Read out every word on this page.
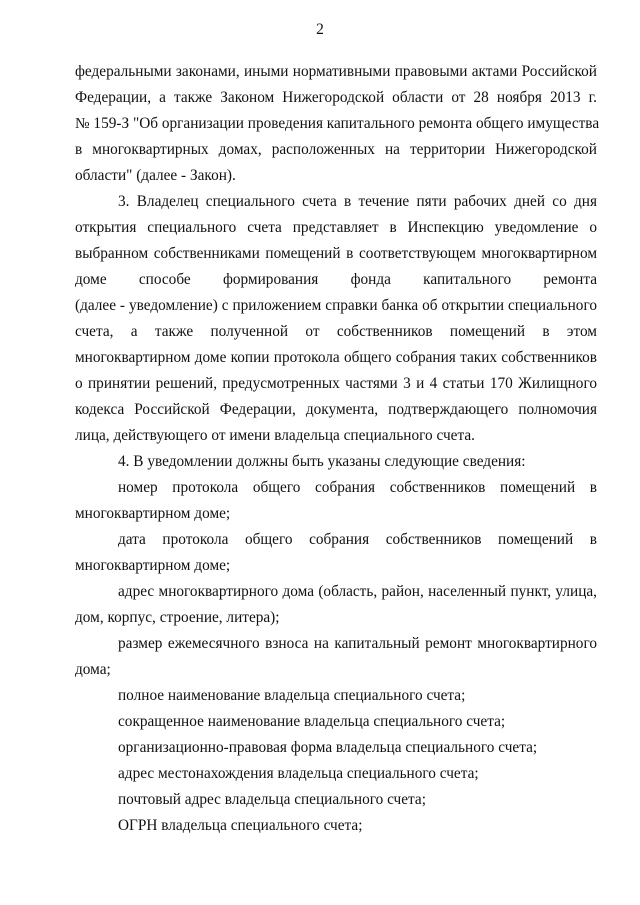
2
федеральными законами, иными нормативными правовыми актами Российской
Федерации, а также Законом Нижегородской области от 28 ноября 2013 г.
№ 159-З "Об организации проведения капитального ремонта общего имущества
в многоквартирных домах, расположенных на территории Нижегородской
области" (далее - Закон).
3. Владелец специального счета в течение пяти рабочих дней со дня
открытия специального счета представляет в Инспекцию уведомление о
выбранном собственниками помещений в соответствующем многоквартирном
доме способе формирования фонда капитального ремонта
(далее - уведомление) с приложением справки банка об открытии специального
счета, а также полученной от собственников помещений в этом
многоквартирном доме копии протокола общего собрания таких собственников
о принятии решений, предусмотренных частями 3 и 4 статьи 170 Жилищного
кодекса Российской Федерации, документа, подтверждающего полномочия
лица, действующего от имени владельца специального счета.
4. В уведомлении должны быть указаны следующие сведения:
номер протокола общего собрания собственников помещений в
многоквартирном доме;
дата протокола общего собрания собственников помещений в
многоквартирном доме;
адрес многоквартирного дома (область, район, населенный пункт, улица,
дом, корпус, строение, литера);
размер ежемесячного взноса на капитальный ремонт многоквартирного
дома;
полное наименование владельца специального счета;
сокращенное наименование владельца специального счета;
организационно-правовая форма владельца специального счета;
адрес местонахождения владельца специального счета;
почтовый адрес владельца специального счета;
ОГРН владельца специального счета;
